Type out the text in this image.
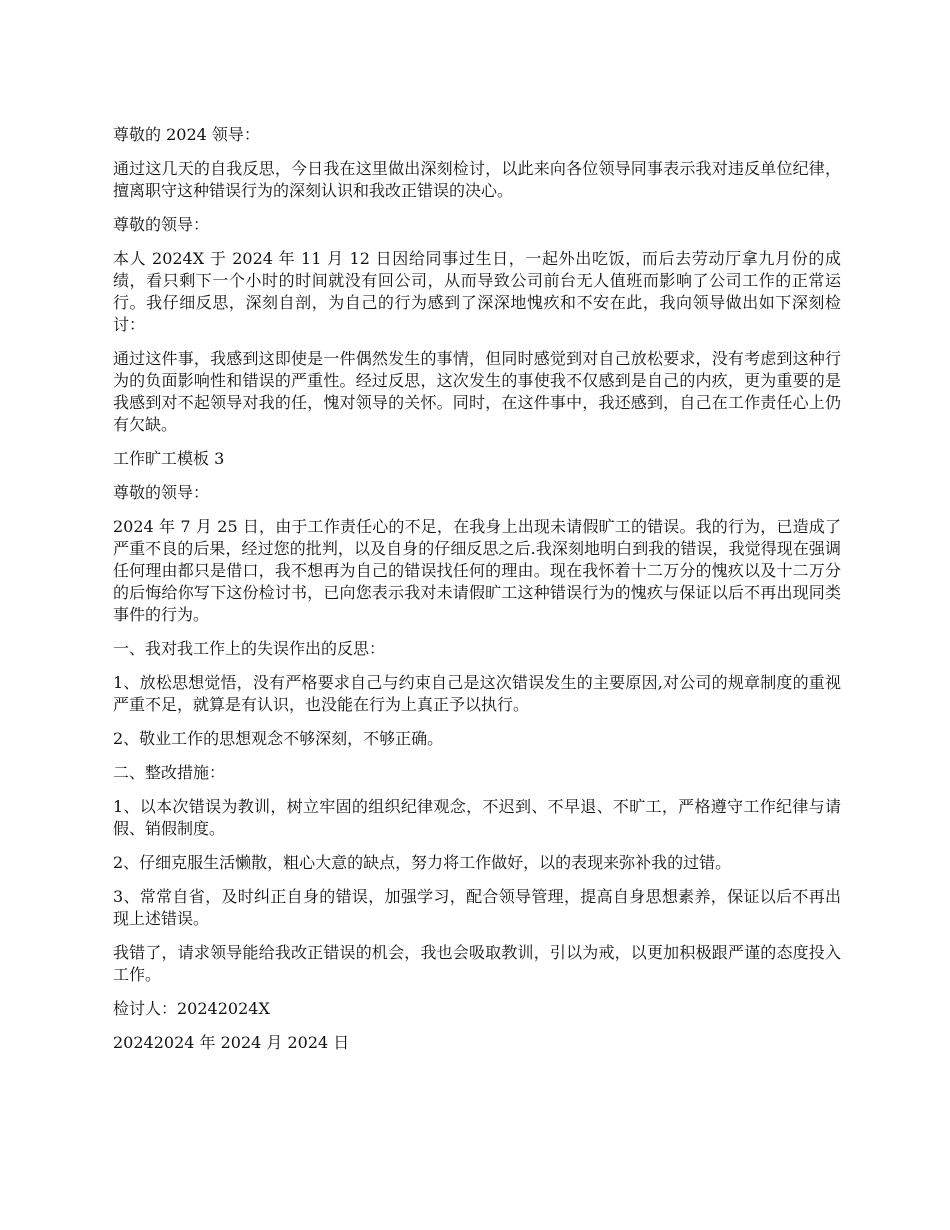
尊敬的 2024 领导：

通过这几天的自我反思，今日我在这里做出深刻检讨，以此来向各位领导同事表示我对违反单位纪律，擅离职守这种错误行为的深刻认识和我改正错误的决心。

尊敬的领导：

本人 2024X 于 2024 年 11 月 12 日因给同事过生日，一起外出吃饭，而后去劳动厅拿九月份的成绩，看只剩下一个小时的时间就没有回公司，从而导致公司前台无人值班而影响了公司工作的正常运行。我仔细反思，深刻自剖，为自己的行为感到了深深地愧疚和不安在此，我向领导做出如下深刻检讨：

通过这件事，我感到这即使是一件偶然发生的事情，但同时感觉到对自己放松要求，没有考虑到这种行为的负面影响性和错误的严重性。经过反思，这次发生的事使我不仅感到是自己的内疚，更为重要的是我感到对不起领导对我的任，愧对领导的关怀。同时，在这件事中，我还感到，自己在工作责任心上仍有欠缺。

工作旷工模板 3

尊敬的领导：

2024 年 7 月 25 日，由于工作责任心的不足，在我身上出现未请假旷工的错误。我的行为，已造成了严重不良的后果，经过您的批判，以及自身的仔细反思之后.我深刻地明白到我的错误，我觉得现在强调任何理由都只是借口，我不想再为自己的错误找任何的理由。现在我怀着十二万分的愧疚以及十二万分的后悔给你写下这份检讨书，已向您表示我对未请假旷工这种错误行为的愧疚与保证以后不再出现同类事件的行为。

一、我对我工作上的失误作出的反思：

1、放松思想觉悟，没有严格要求自己与约束自己是这次错误发生的主要原因,对公司的规章制度的重视严重不足，就算是有认识，也没能在行为上真正予以执行。

2、敬业工作的思想观念不够深刻，不够正确。

二、整改措施：

1、以本次错误为教训，树立牢固的组织纪律观念，不迟到、不早退、不旷工，严格遵守工作纪律与请假、销假制度。

2、仔细克服生活懒散，粗心大意的缺点，努力将工作做好，以的表现来弥补我的过错。

3、常常自省，及时纠正自身的错误，加强学习，配合领导管理，提高自身思想素养，保证以后不再出现上述错误。

我错了，请求领导能给我改正错误的机会，我也会吸取教训，引以为戒，以更加积极跟严谨的态度投入工作。

检讨人：20242024X

20242024 年 2024 月 2024 日
